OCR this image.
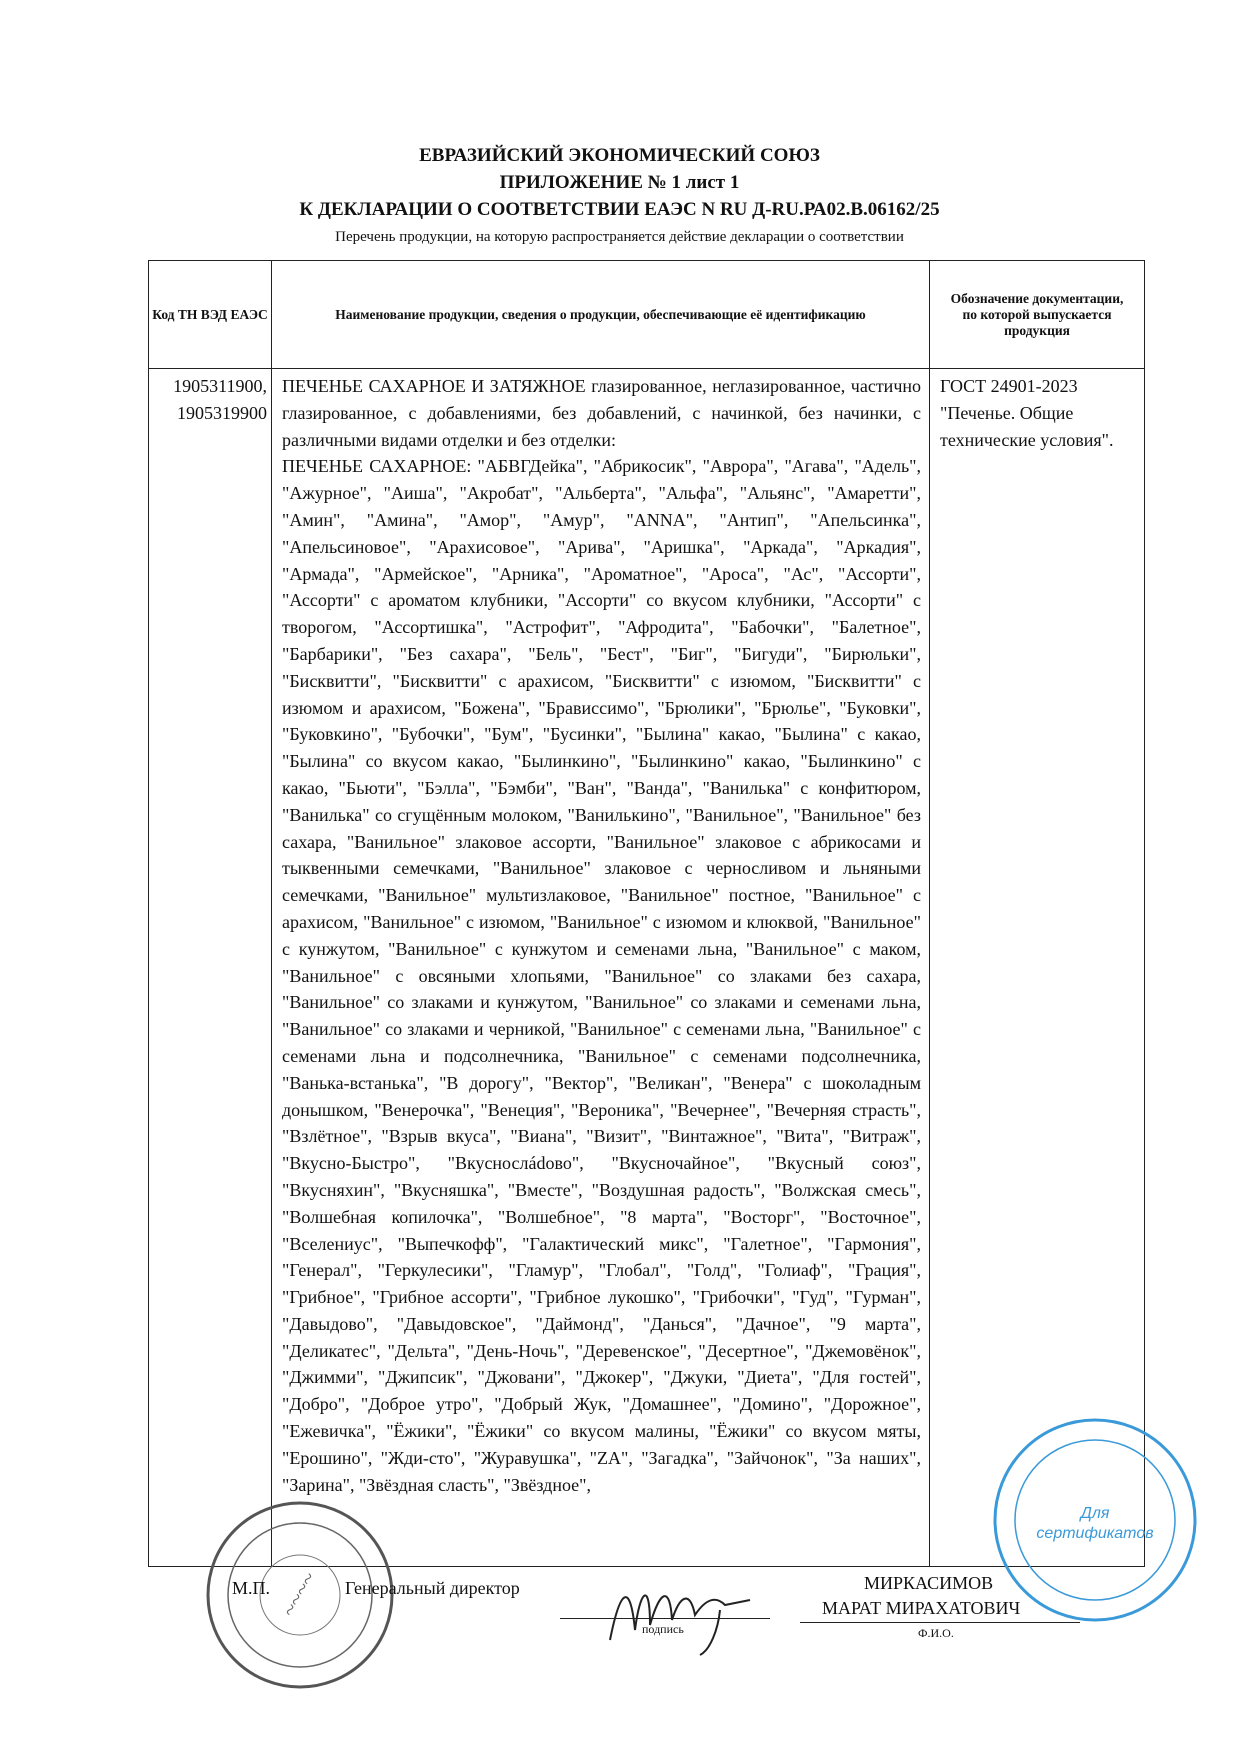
ЕВРАЗИЙСКИЙ ЭКОНОМИЧЕСКИЙ СОЮЗ
ПРИЛОЖЕНИЕ № 1 лист 1
К ДЕКЛАРАЦИИ О СООТВЕТСТВИИ ЕАЭС N RU Д-RU.РА02.В.06162/25
Перечень продукции, на которую распространяется действие декларации о соответствии
Код ТН ВЭД ЕАЭС	Наименование продукции, сведения о продукции, обеспечивающие её идентификацию	Обозначение документации, по которой выпускается продукция
1905311900, 1905319900	ПЕЧЕНЬЕ САХАРНОЕ И ЗАТЯЖНОЕ глазированное, неглазированное, частично глазированное, с добавлениями, без добавлений, с начинкой, без начинки, с различными видами отделки и без отделки:

ПЕЧЕНЬЕ САХАРНОЕ: "АБВГДейка", "Абрикосик", "Аврора", "Агава", "Адель", "Ажурное", "Аиша", "Акробат", "Альберта", "Альфа", "Альянс", "Амаретти", "Амин", "Амина", "Амор", "Амур", "ANNA", "Антип", "Апельсинка", "Апельсиновое", "Арахисовое", "Арива", "Аришка", "Аркада", "Аркадия", "Армада", "Армейское", "Арника", "Ароматное", "Ароса", "Ас", "Ассорти", "Ассорти" с ароматом клубники, "Ассорти" со вкусом клубники, "Ассорти" с творогом, "Ассортишка", "Астрофит", "Афродита", "Бабочки", "Балетное", "Барбарики", "Без сахара", "Бель", "Бест", "Биг", "Бигуди", "Бирюльки", "Бисквитти", "Бисквитти" с арахисом, "Бисквитти" с изюмом, "Бисквитти" с изюмом и арахисом, "Божена", "Брависсимо", "Брюлики", "Брюлье", "Буковки", "Буковкино", "Бубочки", "Бум", "Бусинки", "Былина" какао, "Былина" с какао, "Былина" со вкусом какао, "Былинкино", "Былинкино" какао, "Былинкино" с какао, "Бьюти", "Бэлла", "Бэмби", "Ван", "Ванда", "Ванилька" с конфитюром, "Ванилька" со сгущённым молоком, "Ванилькино", "Ванильное", "Ванильное" без сахара, "Ванильное" злаковое ассорти, "Ванильное" злаковое с абрикосами и тыквенными семечками, "Ванильное" злаковое с черносливом и льняными семечками, "Ванильное" мультизлаковое, "Ванильное" постное, "Ванильное" с арахисом, "Ванильное" с изюмом, "Ванильное" с изюмом и клюквой, "Ванильное" с кунжутом, "Ванильное" с кунжутом и семенами льна, "Ванильное" с маком, "Ванильное" с овсяными хлопьями, "Ванильное" со злаками без сахара, "Ванильное" со злаками и кунжутом, "Ванильное" со злаками и семенами льна, "Ванильное" со злаками и черникой, "Ванильное" с семенами льна, "Ванильное" с семенами льна и подсолнечника, "Ванильное" с семенами подсолнечника, "Ванька-встанька", "В дорогу", "Вектор", "Великан", "Венера" с шоколадным донышком, "Венерочка", "Венеция", "Вероника", "Вечернее", "Вечерняя страсть", "Взлётное", "Взрыв вкуса", "Виана", "Визит", "Винтажное", "Вита", "Витраж", "Вкусно-Быстро", "Вкуснослádово", "Вкусночайное", "Вкусный союз", "Вкусняхин", "Вкусняшка", "Вместе", "Воздушная радость", "Волжская смесь", "Волшебная копилочка", "Волшебное", "8 марта", "Восторг", "Восточное", "Вселениус", "Выпечкофф", "Галактический микс", "Галетное", "Гармония", "Генерал", "Геркулесики", "Гламур", "Глобал", "Голд", "Голиаф", "Грация", "Грибное", "Грибное ассорти", "Грибное лукошко", "Грибочки", "Гуд", "Гурман", "Давыдово", "Давыдовское", "Даймонд", "Данься", "Дачное", "9 марта", "Деликатес", "Дельта", "День-Ночь", "Деревенское", "Десертное", "Джемовёнок", "Джимми", "Джипсик", "Джовани", "Джокер", "Джуки, "Диета", "Для гостей", "Добро", "Доброе утро", "Добрый Жук, "Домашнее", "Домино", "Дорожное", "Ежевичка", "Ёжики", "Ёжики" со вкусом малины, "Ёжики" со вкусом мяты, "Ерошино", "Жди-сто", "Журавушка", "ZA", "Загадка", "Зайчонок", "За наших", "Зарина", "Звёздная сласть", "Звёздное",	ГОСТ 24901-2023 "Печенье. Общие технические условия".
~~~~
М.П.	Генеральный директор
подпись
МИРКАСИМОВ
МАРАТ МИРАХАТОВИЧ
Ф.И.О.
Для
сертификатов
